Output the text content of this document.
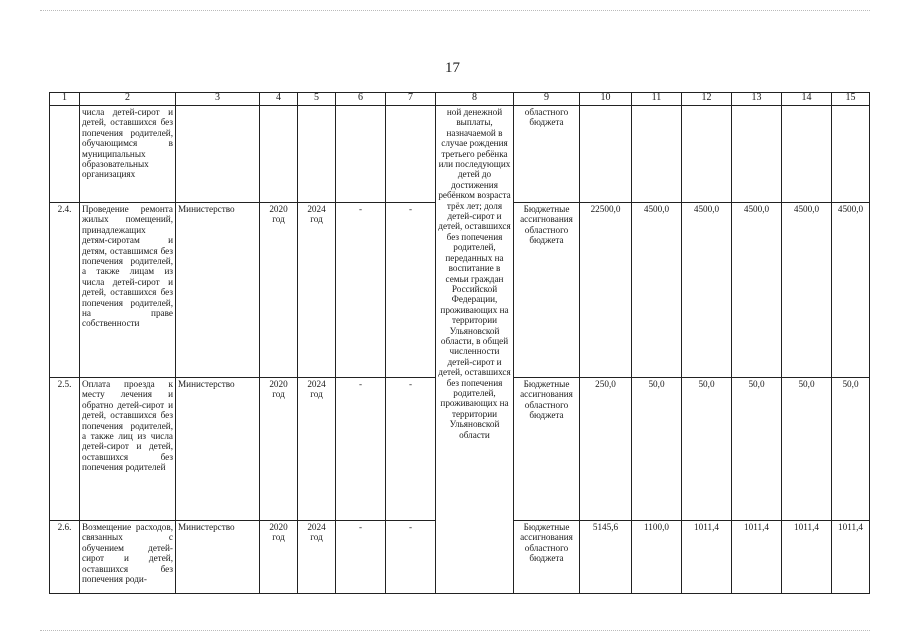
17
1	2	3	4	5	6	7	8	9	10	11	12	13	14	15
	числа детей-сирот и детей, оставшихся без попечения родителей, обучающимся в муниципальных образовательных организациях						ной денежной выплаты, назначаемой в случае рождения третьего ребёнка или последующих детей до достижения ребёнком возраста трёх лет; доля детей-сирот и детей, оставшихся без попечения родителей, переданных на воспитание в семьи граждан Российской Федерации, проживающих на территории Ульяновской области, в общей численности детей-сирот и детей, оставшихся без попечения родителей, проживающих на территории Ульяновской области	областного бюджета						
2.4.	Проведение ремонта жилых помещений, принадлежащих детям-сиротам и детям, оставшимся без попечения родителей, а также лицам из числа детей-сирот и детей, оставшихся без попечения родителей, на праве собственности	Министерство	2020 год	2024 год	-	-		Бюджетные ассигнования областного бюджета	22500,0	4500,0	4500,0	4500,0	4500,0	4500,0
2.5.	Оплата проезда к месту лечения и обратно детей-сирот и детей, оставшихся без попечения родителей, а также лиц из числа детей-сирот и детей, оставшихся без попечения родителей	Министерство	2020 год	2024 год	-	-		Бюджетные ассигнования областного бюджета	250,0	50,0	50,0	50,0	50,0	50,0
2.6.	Возмещение расходов, связанных с обучением детей-сирот и детей, оставшихся без попечения роди-	Министерство	2020 год	2024 год	-	-		Бюджетные ассигнования областного бюджета	5145,6	1100,0	1011,4	1011,4	1011,4	1011,4
